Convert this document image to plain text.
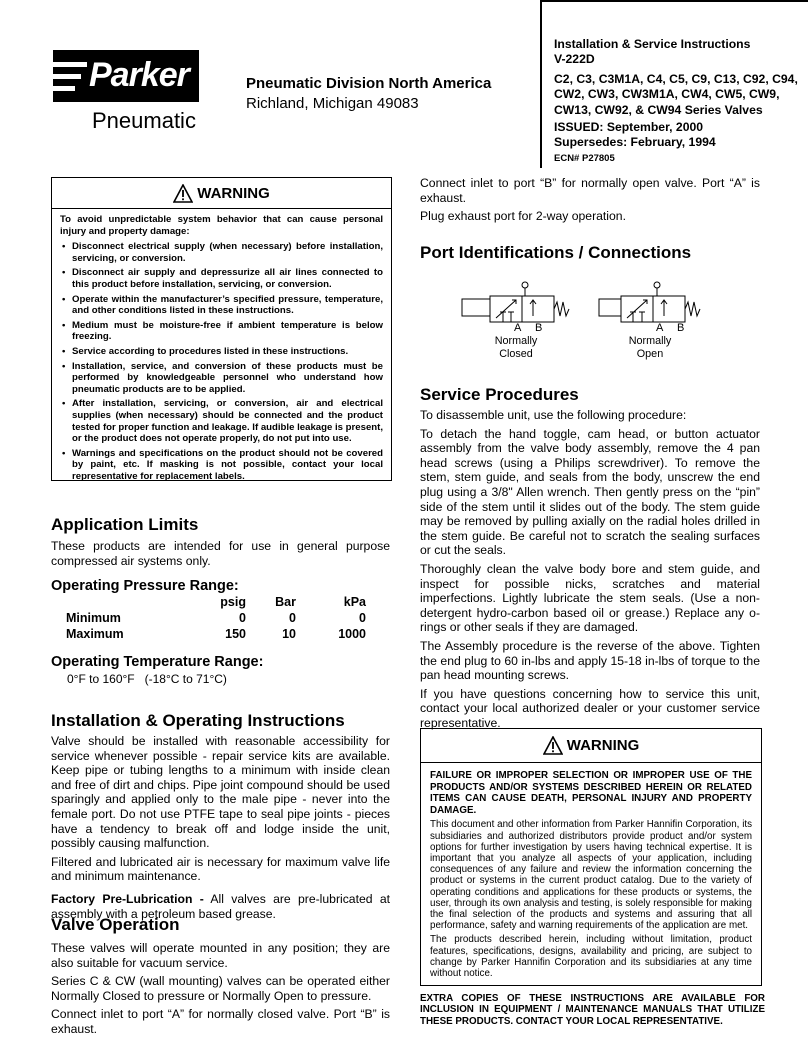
Parker
Pneumatic
Pneumatic Division North America
Richland, Michigan 49083
Installation & Service Instructions
V-222D
C2, C3, C3M1A, C4, C5, C9, C13, C92, C94, CW2, CW3, CW3M1A, CW4, CW5, CW9, CW13, CW92, & CW94 Series Valves
ISSUED: September, 2000
Supersedes: February, 1994
ECN# P27805
WARNING
To avoid unpredictable system behavior that can cause personal injury and property damage:
• Disconnect electrical supply (when necessary) before installation, servicing, or conversion.
• Disconnect air supply and depressurize all air lines connected to this product before installation, servicing, or conversion.
• Operate within the manufacturer’s specified pressure, temperature, and other conditions listed in these instructions.
• Medium must be moisture-free if ambient temperature is below freezing.
• Service according to procedures listed in these instructions.
• Installation, service, and conversion of these products must be performed by knowledgeable personnel who understand how pneumatic products are to be applied.
• After installation, servicing, or conversion, air and electrical supplies (when necessary) should be connected and the product tested for proper function and leakage. If audible leakage is present, or the product does not operate properly, do not put into use.
• Warnings and specifications on the product should not be covered by paint, etc. If masking is not possible, contact your local representative for replacement labels.
Application Limits
These products are intended for use in general purpose compressed air systems only.
Operating Pressure Range:
	psig	Bar	kPa
Minimum	0	0	0
Maximum	150	10	1000
Operating Temperature Range:
0°F to 160°F   (-18°C to 71°C)
Installation & Operating Instructions

Valve should be installed with reasonable accessibility for service whenever possible - repair service kits are available. Keep pipe or tubing lengths to a minimum with inside clean and free of dirt and chips. Pipe joint compound should be used sparingly and applied only to the male pipe - never into the female port. Do not use PTFE tape to seal pipe joints - pieces have a tendency to break off and lodge inside the unit, possibly causing malfunction.

Filtered and lubricated air is necessary for maximum valve life and minimum maintenance.

Factory Pre-Lubrication - All valves are pre-lubricated at assembly with a petroleum based grease.

Valve Operation

These valves will operate mounted in any position; they are also suitable for vacuum service.

Series C & CW (wall mounting) valves can be operated either Normally Closed to pressure or Normally Open to pressure.

Connect inlet to port “A” for normally closed valve. Port “B” is exhaust.

Connect inlet to port “B” for normally open valve. Port “A” is exhaust.

Plug exhaust port for 2-way operation.

Port Identifications / Connections
A B
Normally
Closed
A B
Normally
Open
Service Procedures

To disassemble unit, use the following procedure:

To detach the hand toggle, cam head, or button actuator assembly from the valve body assembly, remove the 4 pan head screws (using a Philips screwdriver). To remove the stem, stem guide, and seals from the body, unscrew the end plug using a 3/8" Allen wrench. Then gently press on the “pin” side of the stem until it slides out of the body. The stem guide may be removed by pulling axially on the radial holes drilled in the stem guide. Be careful not to scratch the sealing surfaces or cut the seals.

Thoroughly clean the valve body bore and stem guide, and inspect for possible nicks, scratches and material imperfections. Lightly lubricate the stem seals. (Use a non-detergent hydro-carbon based oil or grease.) Replace any o-rings or other seals if they are damaged.

The Assembly procedure is the reverse of the above. Tighten the end plug to 60 in-lbs and apply 15-18 in-lbs of torque to the pan head mounting screws.

If you have questions concerning how to service this unit, contact your local authorized dealer or your customer service representative.

WARNING
FAILURE OR IMPROPER SELECTION OR IMPROPER USE OF THE PRODUCTS AND/OR SYSTEMS DESCRIBED HEREIN OR RELATED ITEMS CAN CAUSE DEATH, PERSONAL INJURY AND PROPERTY DAMAGE.
This document and other information from Parker Hannifin Corporation, its subsidiaries and authorized distributors provide product and/or system options for further investigation by users having technical expertise. It is important that you analyze all aspects of your application, including consequences of any failure and review the information concerning the product or systems in the current product catalog. Due to the variety of operating conditions and applications for these products or systems, the user, through its own analysis and testing, is solely responsible for making the final selection of the products and systems and assuring that all performance, safety and warning requirements of the application are met.
The products described herein, including without limitation, product features, specifications, designs, availability and pricing, are subject to change by Parker Hannifin Corporation and its subsidiaries at any time without notice.
EXTRA COPIES OF THESE INSTRUCTIONS ARE AVAILABLE FOR INCLUSION IN EQUIPMENT / MAINTENANCE MANUALS THAT UTILIZE THESE PRODUCTS. CONTACT YOUR LOCAL REPRESENTATIVE.
